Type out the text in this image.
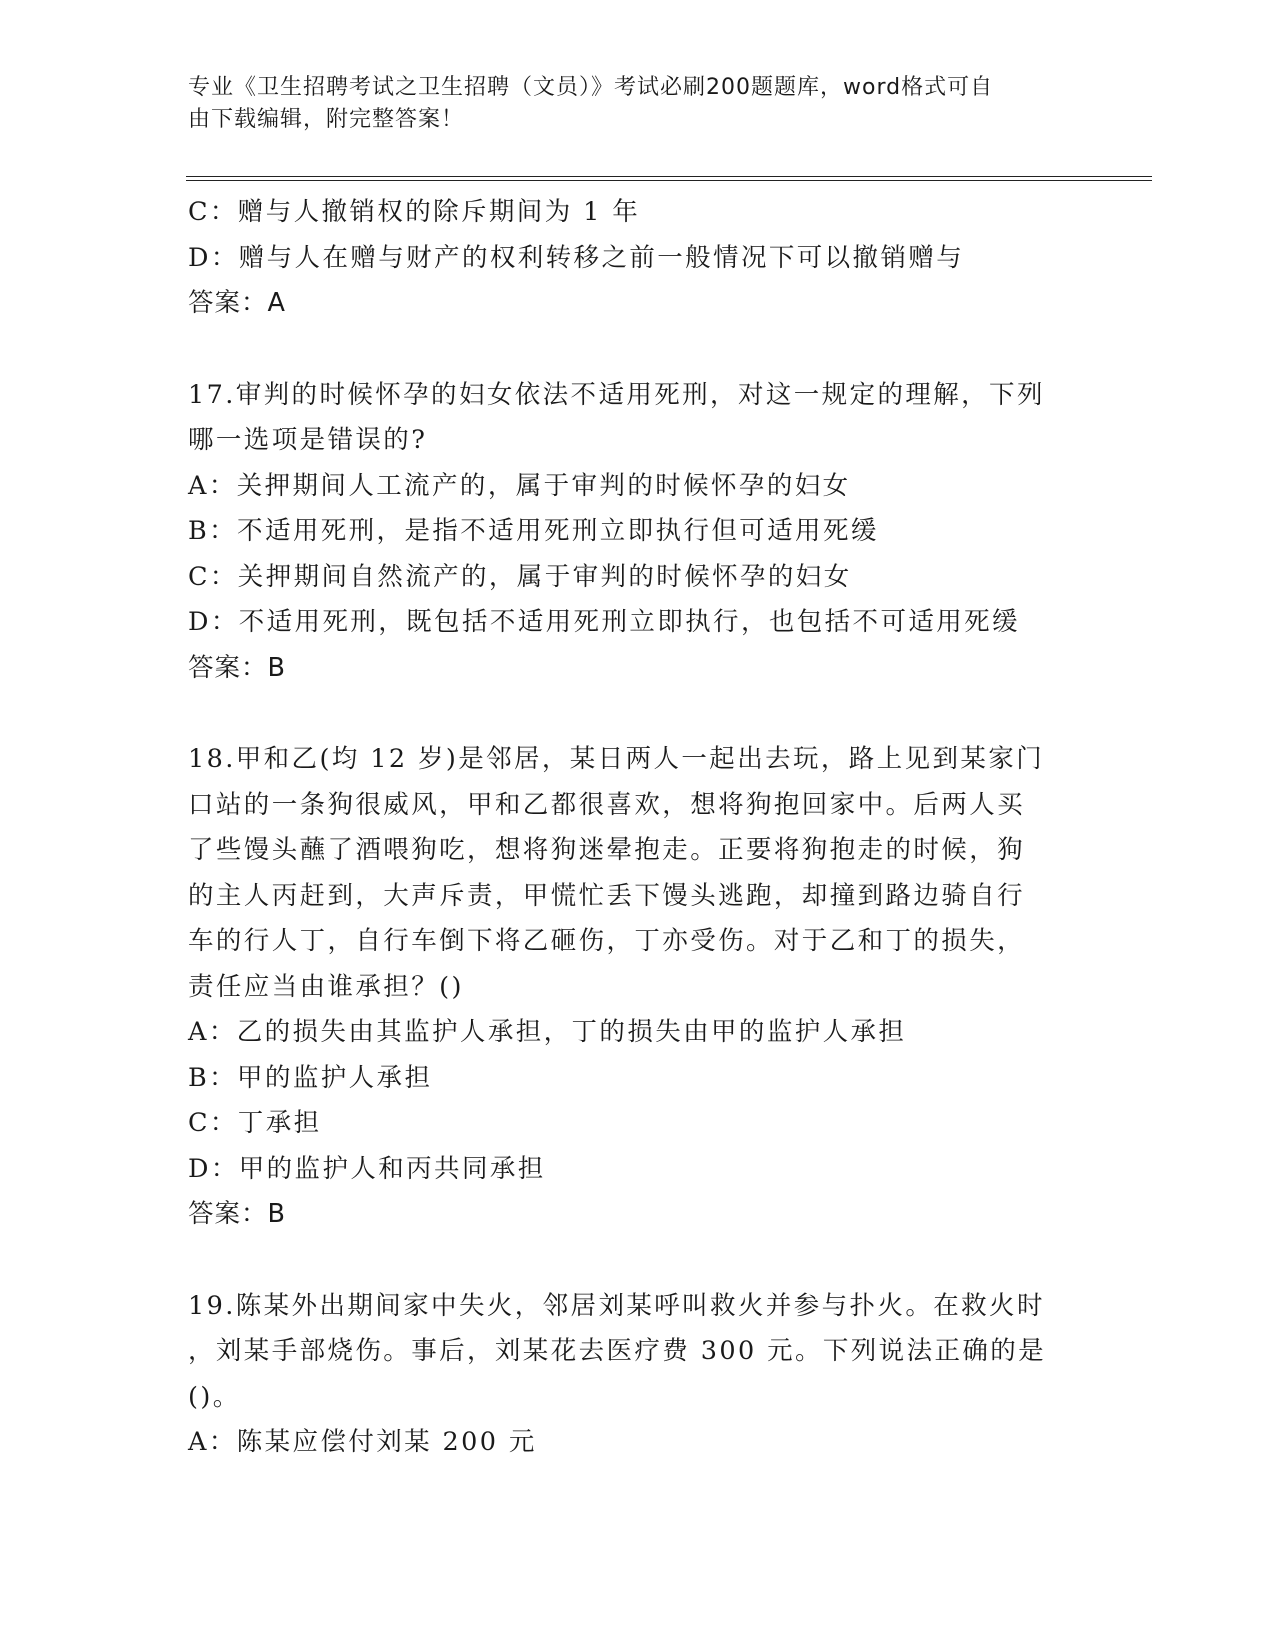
专业《卫生招聘考试之卫生招聘（文员）》考试必刷200题题库，word格式可自
由下载编辑，附完整答案！
C：赠与人撤销权的除斥期间为 1 年
D：赠与人在赠与财产的权利转移之前一般情况下可以撤销赠与
答案：A
17.审判的时候怀孕的妇女依法不适用死刑，对这一规定的理解，下列
哪一选项是错误的?
A：关押期间人工流产的，属于审判的时候怀孕的妇女
B：不适用死刑，是指不适用死刑立即执行但可适用死缓
C：关押期间自然流产的，属于审判的时候怀孕的妇女
D：不适用死刑，既包括不适用死刑立即执行，也包括不可适用死缓
答案：B
18.甲和乙(均 12 岁)是邻居，某日两人一起出去玩，路上见到某家门
口站的一条狗很威风，甲和乙都很喜欢，想将狗抱回家中。后两人买
了些馒头蘸了酒喂狗吃，想将狗迷晕抱走。正要将狗抱走的时候，狗
的主人丙赶到，大声斥责，甲慌忙丢下馒头逃跑，却撞到路边骑自行
车的行人丁，自行车倒下将乙砸伤，丁亦受伤。对于乙和丁的损失，
责任应当由谁承担？()
A：乙的损失由其监护人承担，丁的损失由甲的监护人承担
B：甲的监护人承担
C：丁承担
D：甲的监护人和丙共同承担
答案：B
19.陈某外出期间家中失火，邻居刘某呼叫救火并参与扑火。在救火时
，刘某手部烧伤。事后，刘某花去医疗费 300 元。下列说法正确的是
()。
A：陈某应偿付刘某 200 元
